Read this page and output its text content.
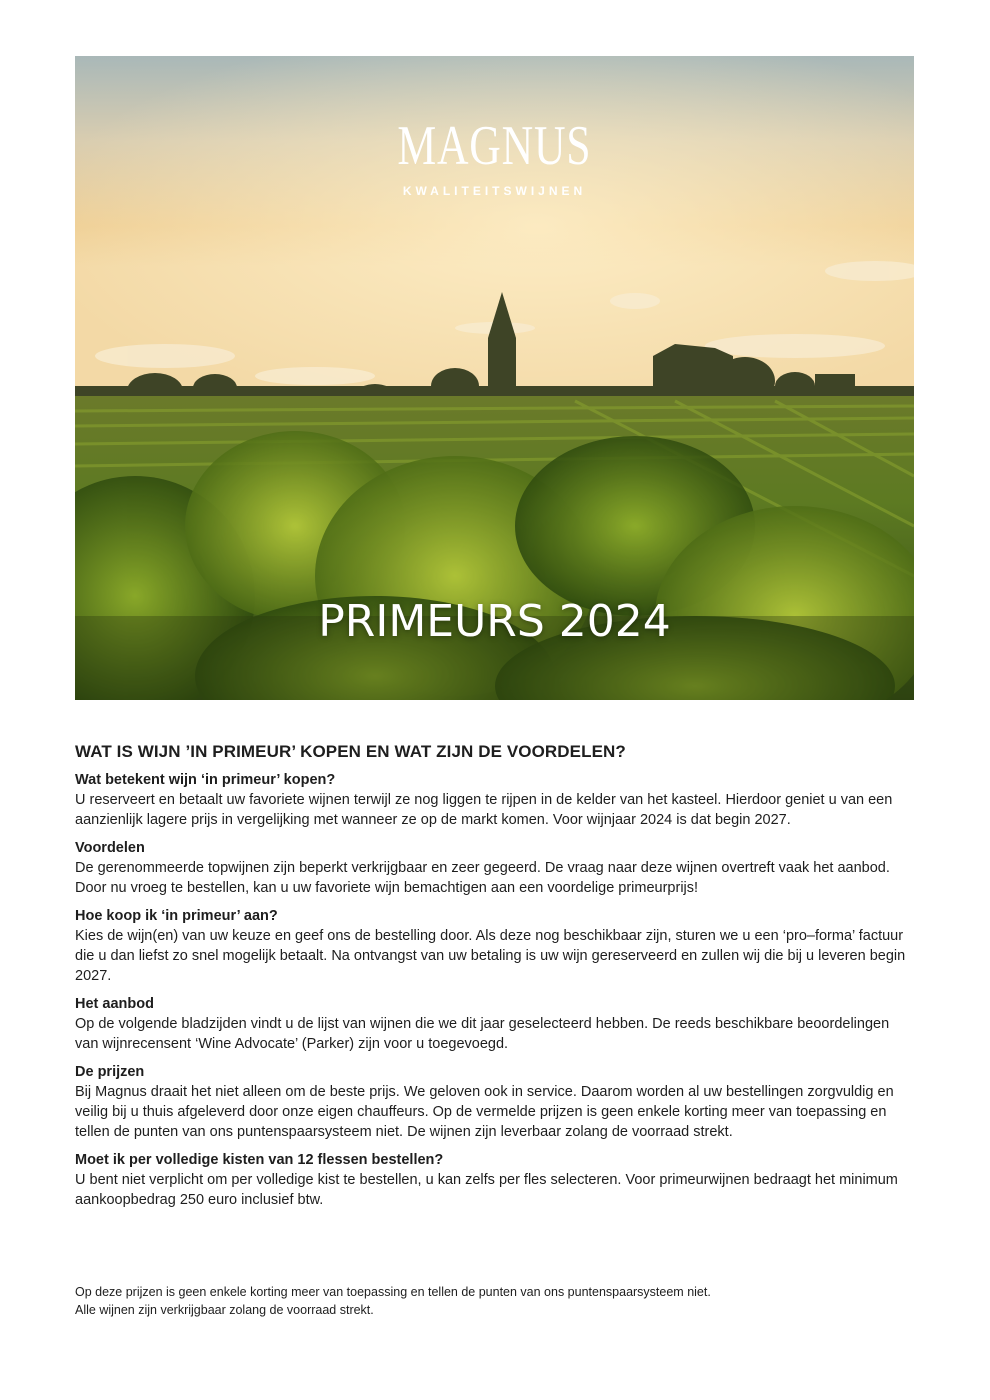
MAGNUS
KWALITEITSWIJNEN
PRIMEURS 2024
WAT IS WIJN ’IN PRIMEUR’ KOPEN EN WAT ZIJN DE VOORDELEN?

Wat betekent wijn ‘in primeur’ kopen?

U reserveert en betaalt uw favoriete wijnen terwijl ze nog liggen te rijpen in de kelder van het kasteel. Hierdoor geniet u van een aanzienlijk lagere prijs in vergelijking met wanneer ze op de markt komen. Voor wijnjaar 2024 is dat begin 2027.

Voordelen

De gerenommeerde topwijnen zijn beperkt verkrijgbaar en zeer gegeerd. De vraag naar deze wijnen overtreft vaak het aanbod. Door nu vroeg te bestellen, kan u uw favoriete wijn bemachtigen aan een voordelige primeurprijs!

Hoe koop ik ‘in primeur’ aan?

Kies de wijn(en) van uw keuze en geef ons de bestelling door. Als deze nog beschikbaar zijn, sturen we u een ‘pro–forma’ factuur die u dan liefst zo snel mogelijk betaalt. Na ontvangst van uw betaling is uw wijn gereserveerd en zullen wij die bij u leveren begin 2027.

Het aanbod

Op de volgende bladzijden vindt u de lijst van wijnen die we dit jaar geselecteerd hebben. De reeds beschikbare beoordelingen van wijnrecensent ‘Wine Advocate’ (Parker) zijn voor u toegevoegd.

De prijzen

Bij Magnus draait het niet alleen om de beste prijs. We geloven ook in service. Daarom worden al uw bestellingen zorgvuldig en veilig bij u thuis afgeleverd door onze eigen chauffeurs. Op de vermelde prijzen is geen enkele korting meer van toepassing en tellen de punten van ons puntenspaarsysteem niet. De wijnen zijn leverbaar zolang de voorraad strekt.

Moet ik per volledige kisten van 12 flessen bestellen?

U bent niet verplicht om per volledige kist te bestellen, u kan zelfs per fles selecteren. Voor primeurwijnen bedraagt het minimum aankoopbedrag 250 euro inclusief btw.

Op deze prijzen is geen enkele korting meer van toepassing en tellen de punten van ons puntenspaarsysteem niet.

Alle wijnen zijn verkrijgbaar zolang de voorraad strekt.
